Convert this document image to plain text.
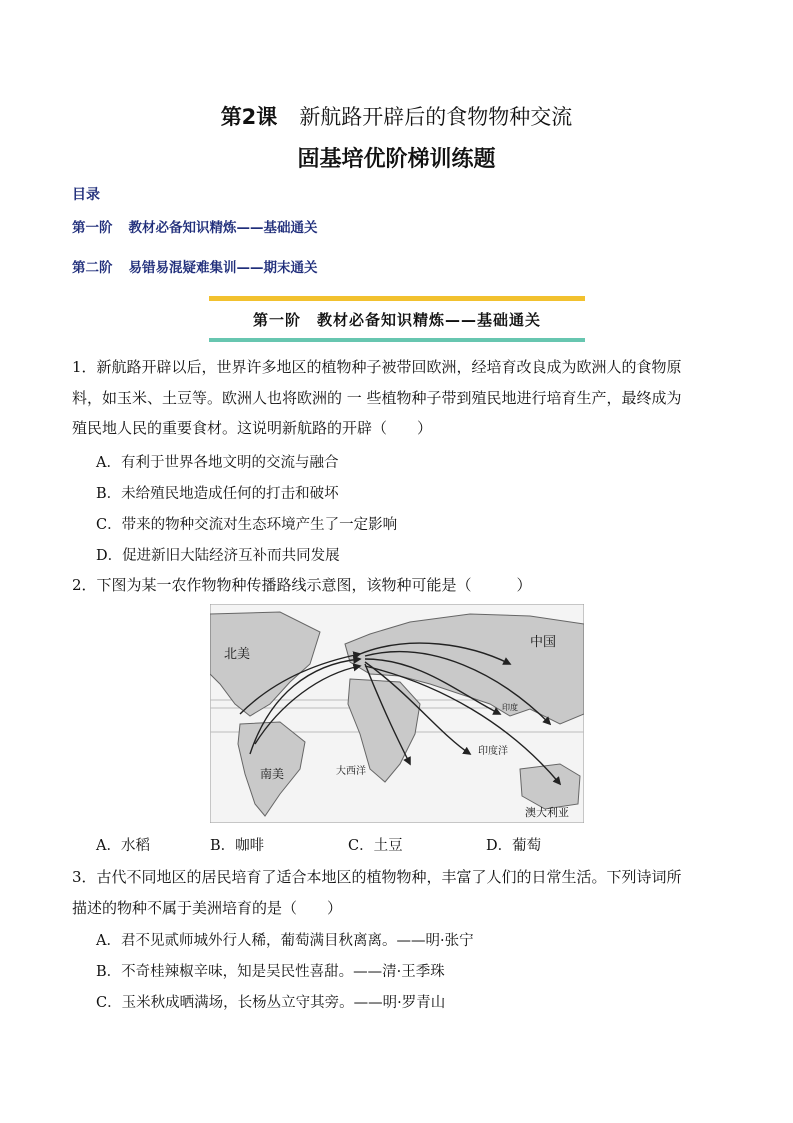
第2课 新航路开辟后的食物物种交流
固基培优阶梯训练题
目录
第一阶 教材必备知识精炼——基础通关
第二阶 易错易混疑难集训——期末通关
第一阶　教材必备知识精炼——基础通关
1．新航路开辟以后，世界许多地区的植物种子被带回欧洲，经培育改良成为欧洲人的食物原
料，如玉米、土豆等。欧洲人也将欧洲的 一 些植物种子带到殖民地进行培育生产，最终成为
殖民地人民的重要食材。这说明新航路的开辟（　　）
A．有利于世界各地文明的交流与融合
B．未给殖民地造成任何的打击和破坏
C．带来的物种交流对生态环境产生了一定影响
D．促进新旧大陆经济互补而共同发展
2．下图为某一农作物物种传播路线示意图，该物种可能是（　　　）
北美
中国
印度
印度洋
大西洋
南美
澳大利亚
A．水稻	B．咖啡	C．土豆	D．葡萄
3．古代不同地区的居民培育了适合本地区的植物物种，丰富了人们的日常生活。下列诗词所
描述的物种不属于美洲培育的是（　　）
A．君不见贰师城外行人稀，葡萄满目秋离离。——明·张宁
B．不奇桂辣椒辛味，知是吴民性喜甜。——清·王季珠
C．玉米秋成晒满场，长杨丛立守其旁。——明·罗青山
